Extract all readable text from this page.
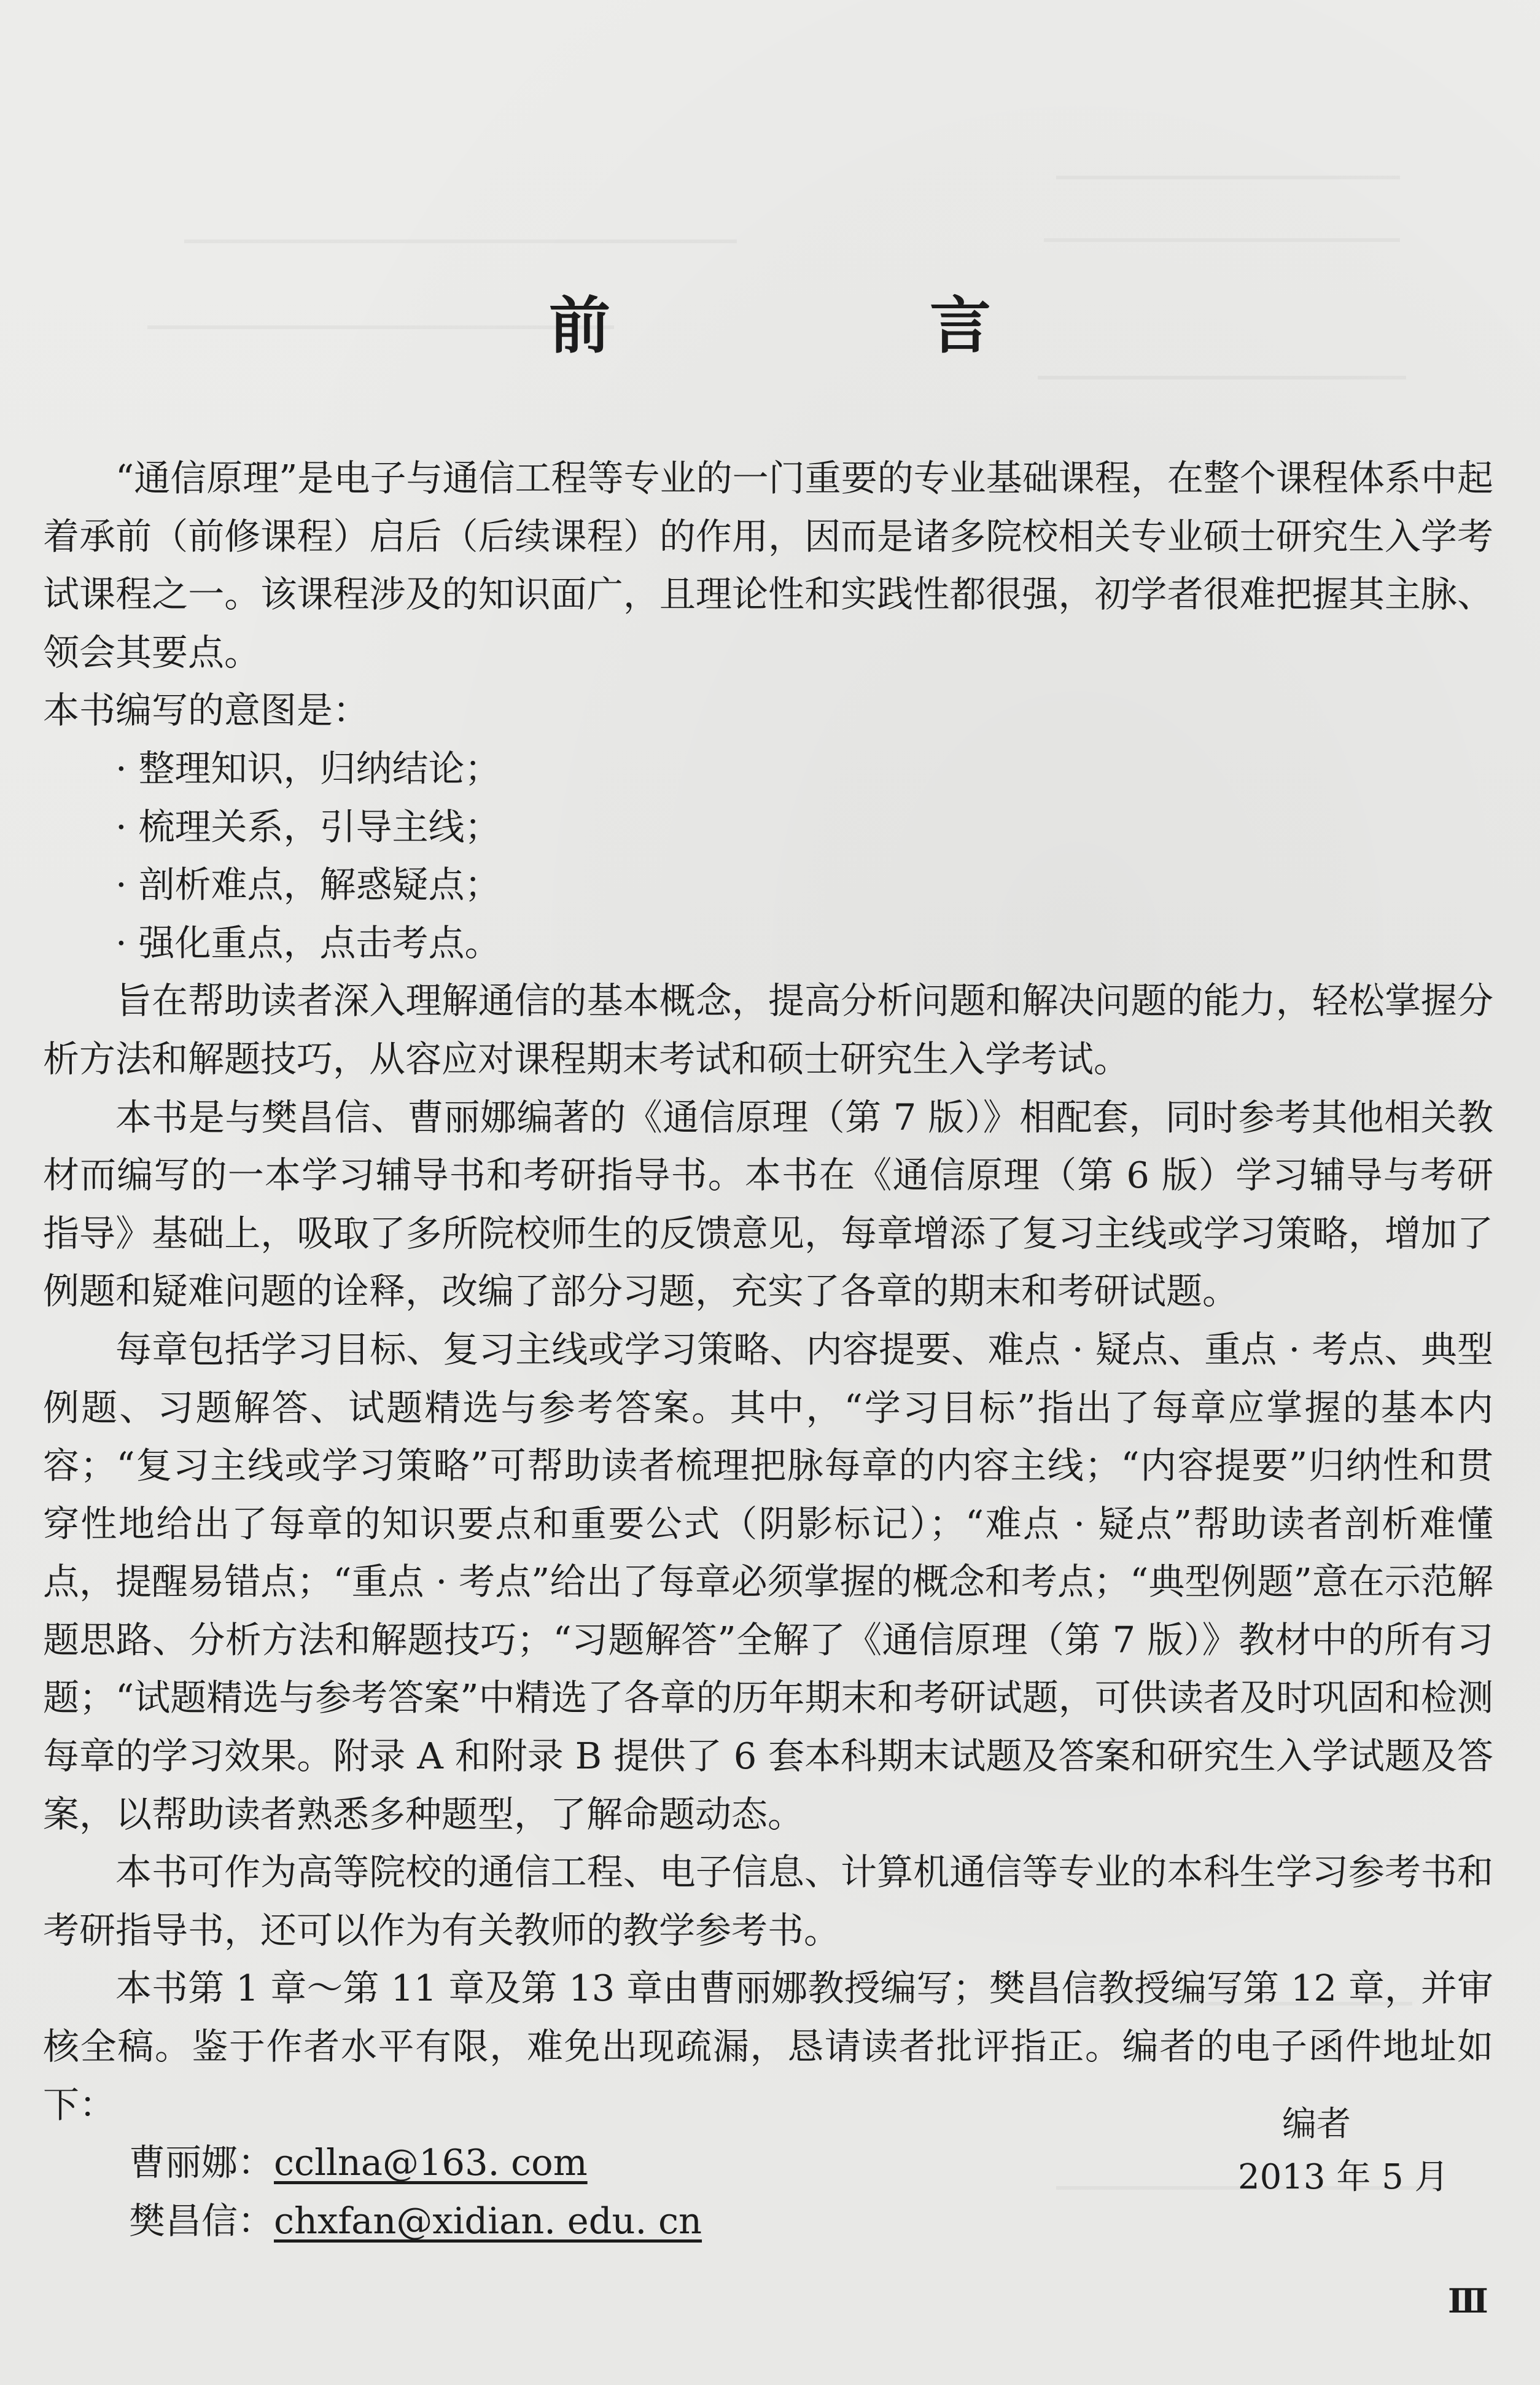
前　言

“通信原理”是电子与通信工程等专业的一门重要的专业基础课程，在整个课程体系中起着承前（前修课程）启后（后续课程）的作用，因而是诸多院校相关专业硕士研究生入学考试课程之一。该课程涉及的知识面广，且理论性和实践性都很强，初学者很难把握其主脉、领会其要点。

本书编写的意图是：

· 整理知识，归纳结论；

· 梳理关系，引导主线；

· 剖析难点，解惑疑点；

· 强化重点，点击考点。

旨在帮助读者深入理解通信的基本概念，提高分析问题和解决问题的能力，轻松掌握分析方法和解题技巧，从容应对课程期末考试和硕士研究生入学考试。

本书是与樊昌信、曹丽娜编著的《通信原理（第 7 版）》相配套，同时参考其他相关教材而编写的一本学习辅导书和考研指导书。本书在《通信原理（第 6 版）学习辅导与考研指导》基础上，吸取了多所院校师生的反馈意见，每章增添了复习主线或学习策略，增加了例题和疑难问题的诠释，改编了部分习题，充实了各章的期末和考研试题。

每章包括学习目标、复习主线或学习策略、内容提要、难点 · 疑点、重点 · 考点、典型例题、习题解答、试题精选与参考答案。其中，“学习目标”指出了每章应掌握的基本内容；“复习主线或学习策略”可帮助读者梳理把脉每章的内容主线；“内容提要”归纳性和贯穿性地给出了每章的知识要点和重要公式（阴影标记）；“难点 · 疑点”帮助读者剖析难懂点，提醒易错点；“重点 · 考点”给出了每章必须掌握的概念和考点；“典型例题”意在示范解题思路、分析方法和解题技巧；“习题解答”全解了《通信原理（第 7 版）》教材中的所有习题；“试题精选与参考答案”中精选了各章的历年期末和考研试题，可供读者及时巩固和检测每章的学习效果。附录 A 和附录 B 提供了 6 套本科期末试题及答案和研究生入学试题及答案，以帮助读者熟悉多种题型，了解命题动态。

本书可作为高等院校的通信工程、电子信息、计算机通信等专业的本科生学习参考书和考研指导书，还可以作为有关教师的教学参考书。

本书第 1 章～第 11 章及第 13 章由曹丽娜教授编写；樊昌信教授编写第 12 章，并审核全稿。鉴于作者水平有限，难免出现疏漏，恳请读者批评指正。编者的电子函件地址如下：

曹丽娜：ccllna@163. com

樊昌信：chxfan@xidian. edu. cn

编者
2013 年 5 月
Ⅲ
